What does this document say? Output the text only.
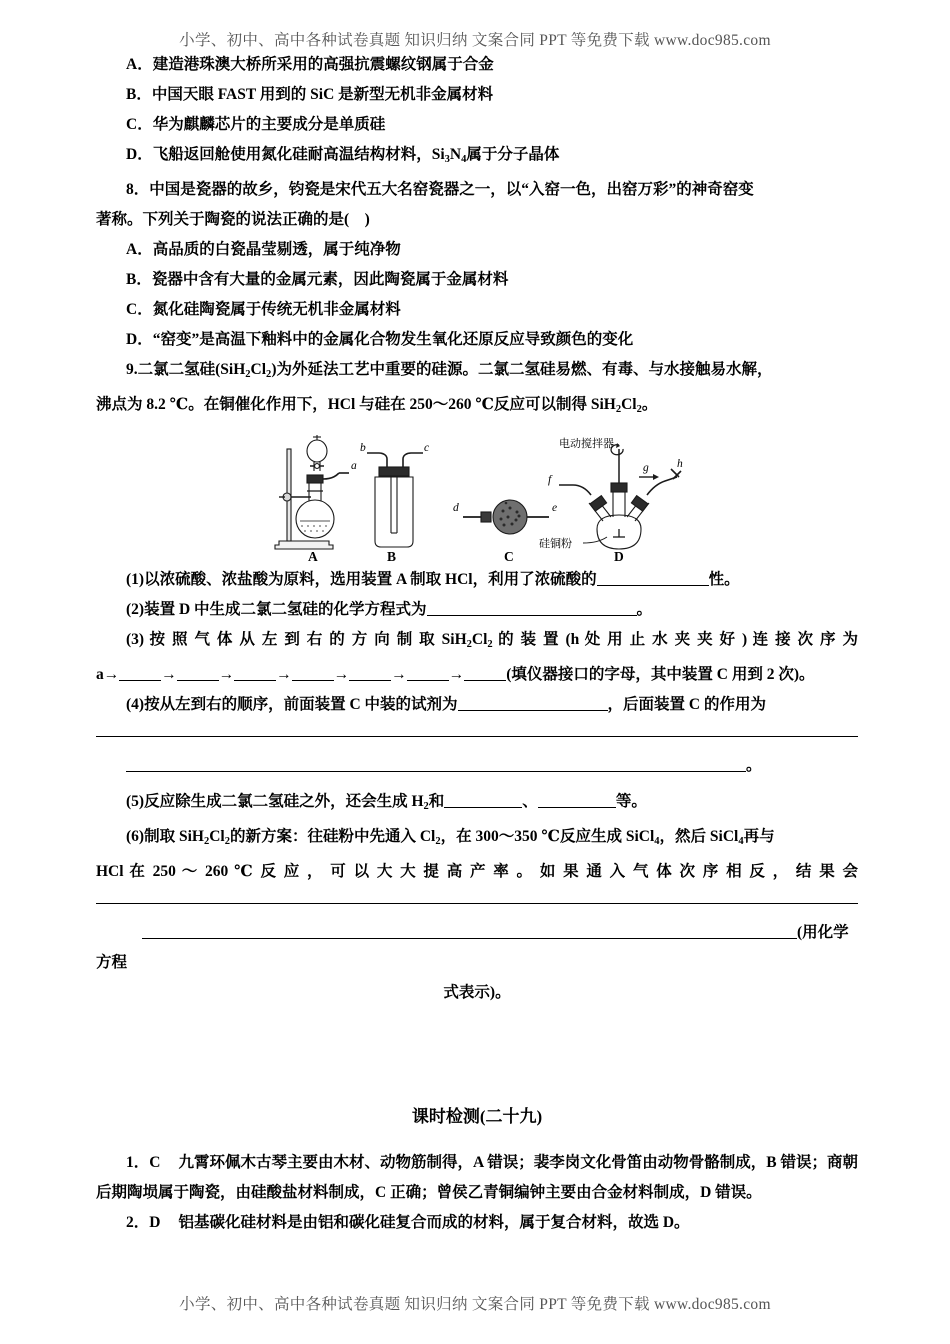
小学、初中、高中各种试卷真题 知识归纳 文案合同 PPT 等免费下载 www.doc985.com

A．建造港珠澳大桥所采用的高强抗震螺纹钢属于合金

B．中国天眼 FAST 用到的 SiC 是新型无机非金属材料

C．华为麒麟芯片的主要成分是单质硅

D．飞船返回舱使用氮化硅耐高温结构材料，$Si_3N_4$属于分子晶体

8．中国是瓷器的故乡，钧瓷是宋代五大名窑瓷器之一，以“入窑一色，出窑万彩”的神奇窑变

著称。下列关于陶瓷的说法正确的是(　)

A．高品质的白瓷晶莹剔透，属于纯净物

B．瓷器中含有大量的金属元素，因此陶瓷属于金属材料

C．氮化硅陶瓷属于传统无机非金属材料

D．“窑变”是高温下釉料中的金属化合物发生氧化还原反应导致颜色的变化

9.二氯二氢硅$(SiH_2Cl_2)$为外延法工艺中重要的硅源。二氯二氢硅易燃、有毒、与水接触易水解，

沸点为 8.2 ℃。在铜催化作用下，HCl 与硅在 250～260 ℃反应可以制得 $SiH_2Cl_2$。

a
b	c
d	e
f
g h
A	B	C	D
电动搅拌器
硅铜粉

(1)以浓硫酸、浓盐酸为原料，选用装置 A 制取 HCl，利用了浓硫酸的	性。

(2)装置 D 中生成二氯二氢硅的化学方程式为	。

(3) 按 照 气 体 从 左 到 右 的 方 向 制 取 $SiH_2Cl_2$ 的 装 置 (h 处 用 止 水 夹 夹 好 ) 连 接 次 序 为

a→	→	→	→	→	→	→	(填仪器接口的字母，其中装置 C 用到 2 次)。

(4)按从左到右的顺序，前面装置 C 中装的试剂为	，后面装置 C 的作用为

。

(5)反应除生成二氯二氢硅之外，还会生成 $H_2$和	、	等。

(6)制取 $SiH_2Cl_2$的新方案：往硅粉中先通入 $Cl_2$，在 300～350 ℃反应生成 SiCl$_4$，然后 SiCl$_4$再与

HCl 在 250 ～ 260 ℃ 反 应 ， 可 以 大 大 提 高 产 率 。 如 果 通 入 气 体 次 序 相 反 ， 结 果 会

(用化学方程

式表示)。

课时检测(二十九)

1．C 九霄环佩木古琴主要由木材、动物筋制得，A 错误；裴李岗文化骨笛由动物骨骼制成，B 错误；商朝后期陶埙属于陶瓷，由硅酸盐材料制成，C 正确；曾侯乙青铜编钟主要由合金材料制成，D 错误。

2．D 铝基碳化硅材料是由铝和碳化硅复合而成的材料，属于复合材料，故选 D。

小学、初中、高中各种试卷真题 知识归纳 文案合同 PPT 等免费下载 www.doc985.com
